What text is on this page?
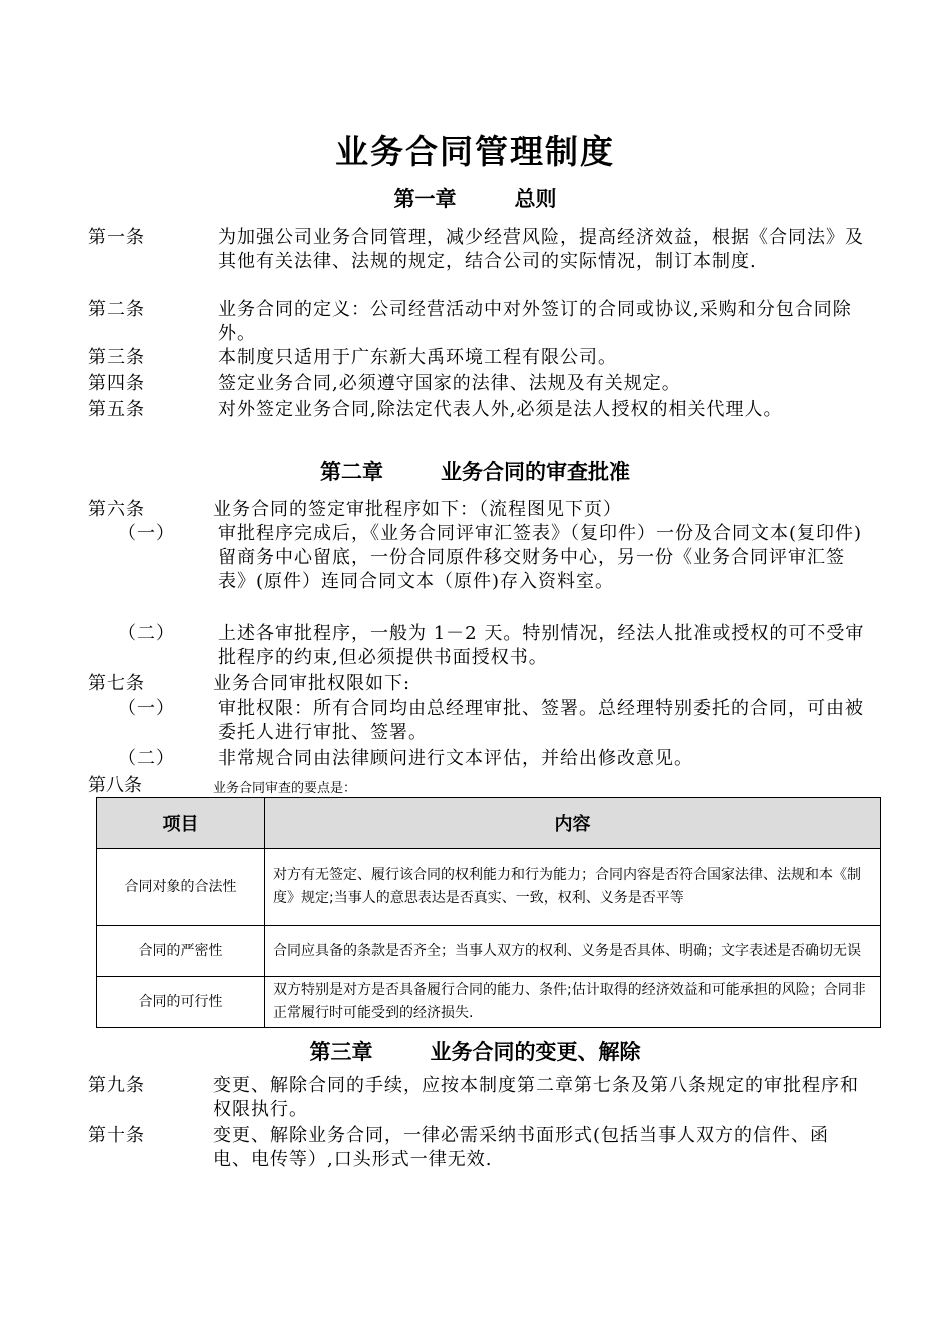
业务合同管理制度
第一章	总则
第一条	为加强公司业务合同管理，减少经营风险，提高经济效益，根据《合同法》及其他有关法律、法规的规定，结合公司的实际情况，制订本制度.
第二条	业务合同的定义：公司经营活动中对外签订的合同或协议,采购和分包合同除外。
第三条	本制度只适用于广东新大禹环境工程有限公司。
第四条	签定业务合同,必须遵守国家的法律、法规及有关规定。
第五条	对外签定业务合同,除法定代表人外,必须是法人授权的相关代理人。
第二章	业务合同的审查批准
第六条	业务合同的签定审批程序如下：（流程图见下页）
（一） 审批程序完成后，《业务合同评审汇签表》（复印件）一份及合同文本(复印件)留商务中心留底，一份合同原件移交财务中心，另一份《业务合同评审汇签表》(原件）连同合同文本（原件)存入资料室。
（二） 上述各审批程序，一般为 1－2 天。特别情况，经法人批准或授权的可不受审批程序的约束,但必须提供书面授权书。
第七条	业务合同审批权限如下:
（一） 审批权限：所有合同均由总经理审批、签署。总经理特别委托的合同，可由被委托人进行审批、签署。
（二） 非常规合同由法律顾问进行文本评估，并给出修改意见。
第八条	业务合同审查的要点是：
项目	内容
合同对象的合法性	对方有无签定、履行该合同的权利能力和行为能力；合同内容是否符合国家法律、法规和本《制度》规定;当事人的意思表达是否真实、一致，权利、义务是否平等
合同的严密性	合同应具备的条款是否齐全；当事人双方的权利、义务是否具体、明确；文字表述是否确切无误
合同的可行性	双方特别是对方是否具备履行合同的能力、条件;估计取得的经济效益和可能承担的风险；合同非正常履行时可能受到的经济损失.
第三章	业务合同的变更、解除
第九条	变更、解除合同的手续，应按本制度第二章第七条及第八条规定的审批程序和权限执行。
第十条	变更、解除业务合同，一律必需采纳书面形式(包括当事人双方的信件、函电、电传等）,口头形式一律无效.
